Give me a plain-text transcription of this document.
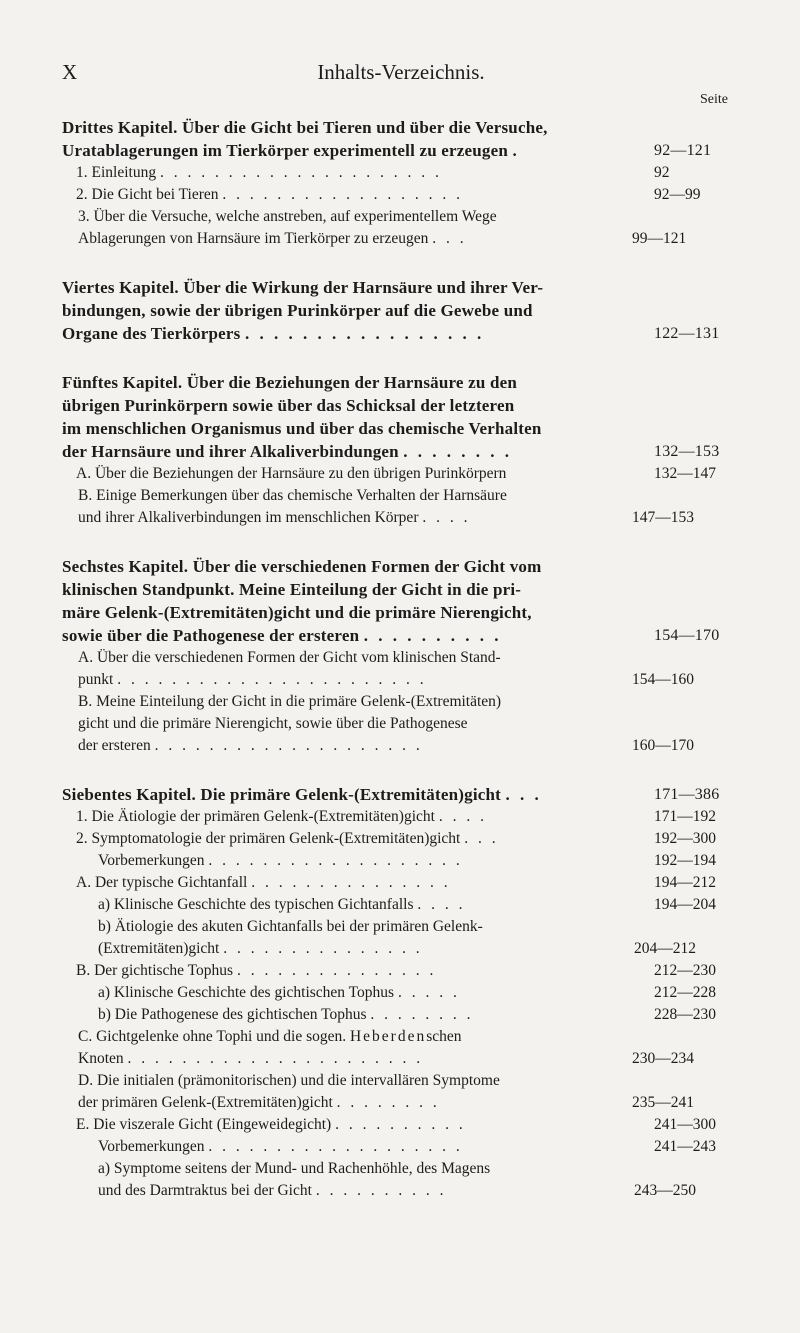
X	Inhalts-Verzeichnis.
Seite
Drittes Kapitel. Über die Gicht bei Tieren und über die Versuche,
Uratablagerungen im Tierkörper experimentell zu erzeugen .	92—121
1. Einleitung . . . . . . . . . . . . . . . . . . . . .	92
2. Die Gicht bei Tieren . . . . . . . . . . . . . . . . . .	92—99
3. Über die Versuche, welche anstreben, auf experimentellem Wege
Ablagerungen von Harnsäure im Tierkörper zu erzeugen . . .	99—121
Viertes Kapitel. Über die Wirkung der Harnsäure und ihrer Ver-
bindungen, sowie der übrigen Purinkörper auf die Gewebe und
Organe des Tierkörpers . . . . . . . . . . . . . . . . .	122—131
Fünftes Kapitel. Über die Beziehungen der Harnsäure zu den
übrigen Purinkörpern sowie über das Schicksal der letzteren
im menschlichen Organismus und über das chemische Verhalten
der Harnsäure und ihrer Alkaliverbindungen . . . . . . . .	132—153
A. Über die Beziehungen der Harnsäure zu den übrigen Purinkörpern	132—147
B. Einige Bemerkungen über das chemische Verhalten der Harnsäure
und ihrer Alkaliverbindungen im menschlichen Körper . . . .	147—153
Sechstes Kapitel. Über die verschiedenen Formen der Gicht vom
klinischen Standpunkt. Meine Einteilung der Gicht in die pri-
märe Gelenk-(Extremitäten)gicht und die primäre Nierengicht,
sowie über die Pathogenese der ersteren . . . . . . . . . .	154—170
A. Über die verschiedenen Formen der Gicht vom klinischen Stand-
punkt . . . . . . . . . . . . . . . . . . . . . . .	154—160
B. Meine Einteilung der Gicht in die primäre Gelenk-(Extremitäten)
gicht und die primäre Nierengicht, sowie über die Pathogenese
der ersteren . . . . . . . . . . . . . . . . . . . .	160—170
Siebentes Kapitel. Die primäre Gelenk-(Extremitäten)gicht . . .	171—386
1. Die Ätiologie der primären Gelenk-(Extremitäten)gicht . . . .	171—192
2. Symptomatologie der primären Gelenk-(Extremitäten)gicht . . .	192—300
Vorbemerkungen . . . . . . . . . . . . . . . . . . .	192—194
A. Der typische Gichtanfall . . . . . . . . . . . . . . .	194—212
a) Klinische Geschichte des typischen Gichtanfalls . . . .	194—204
b) Ätiologie des akuten Gichtanfalls bei der primären Gelenk-
(Extremitäten)gicht . . . . . . . . . . . . . . .	204—212
B. Der gichtische Tophus . . . . . . . . . . . . . . .	212—230
a) Klinische Geschichte des gichtischen Tophus . . . . .	212—228
b) Die Pathogenese des gichtischen Tophus . . . . . . . .	228—230
C. Gichtgelenke ohne Tophi und die sogen. Heberdenschen
Knoten . . . . . . . . . . . . . . . . . . . . . .	230—234
D. Die initialen (prämonitorischen) und die intervallären Symptome
der primären Gelenk-(Extremitäten)gicht . . . . . . . .	235—241
E. Die viszerale Gicht (Eingeweidegicht) . . . . . . . . . .	241—300
Vorbemerkungen . . . . . . . . . . . . . . . . . . .	241—243
a) Symptome seitens der Mund- und Rachenhöhle, des Magens
und des Darmtraktus bei der Gicht . . . . . . . . . .	243—250
